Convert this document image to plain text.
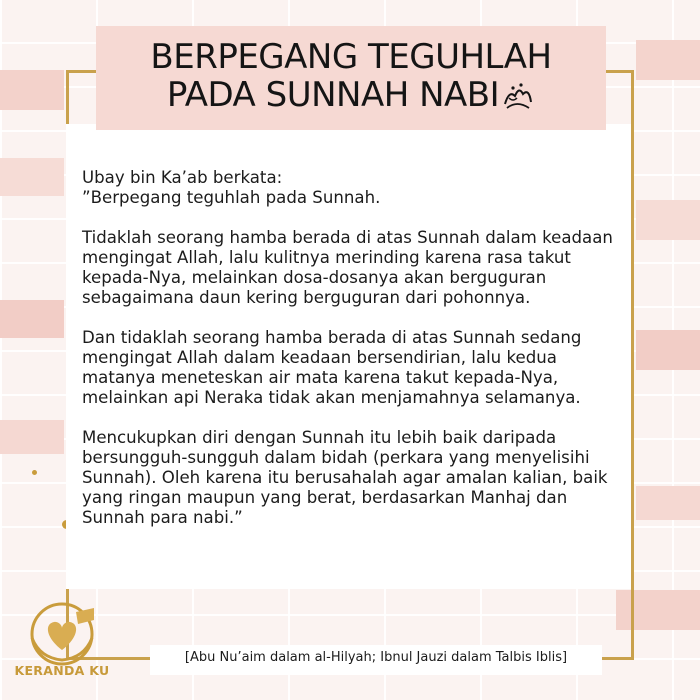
BERPEGANG TEGUHLAH
PADA SUNNAH NABI

Ubay bin Ka’ab berkata:
”Berpegang teguhlah pada Sunnah.

Tidaklah seorang hamba berada di atas Sunnah dalam keadaan mengingat Allah, lalu kulitnya merinding karena rasa takut kepada-Nya, melainkan dosa-dosanya akan berguguran sebagaimana daun kering berguguran dari pohonnya.

Dan tidaklah seorang hamba berada di atas Sunnah sedang mengingat Allah dalam keadaan bersendirian, lalu kedua matanya meneteskan air mata karena takut kepada-Nya, melainkan api Neraka tidak akan menjamahnya selamanya.

Mencukupkan diri dengan Sunnah itu lebih baik daripada bersungguh-sungguh dalam bidah (perkara yang menyelisihi Sunnah). Oleh karena itu berusahalah agar amalan kalian, baik yang ringan maupun yang berat, berdasarkan Manhaj dan Sunnah para nabi.”

[Abu Nu’aim dalam al-Hilyah; Ibnul Jauzi dalam Talbis Iblis]
KERANDA KU
